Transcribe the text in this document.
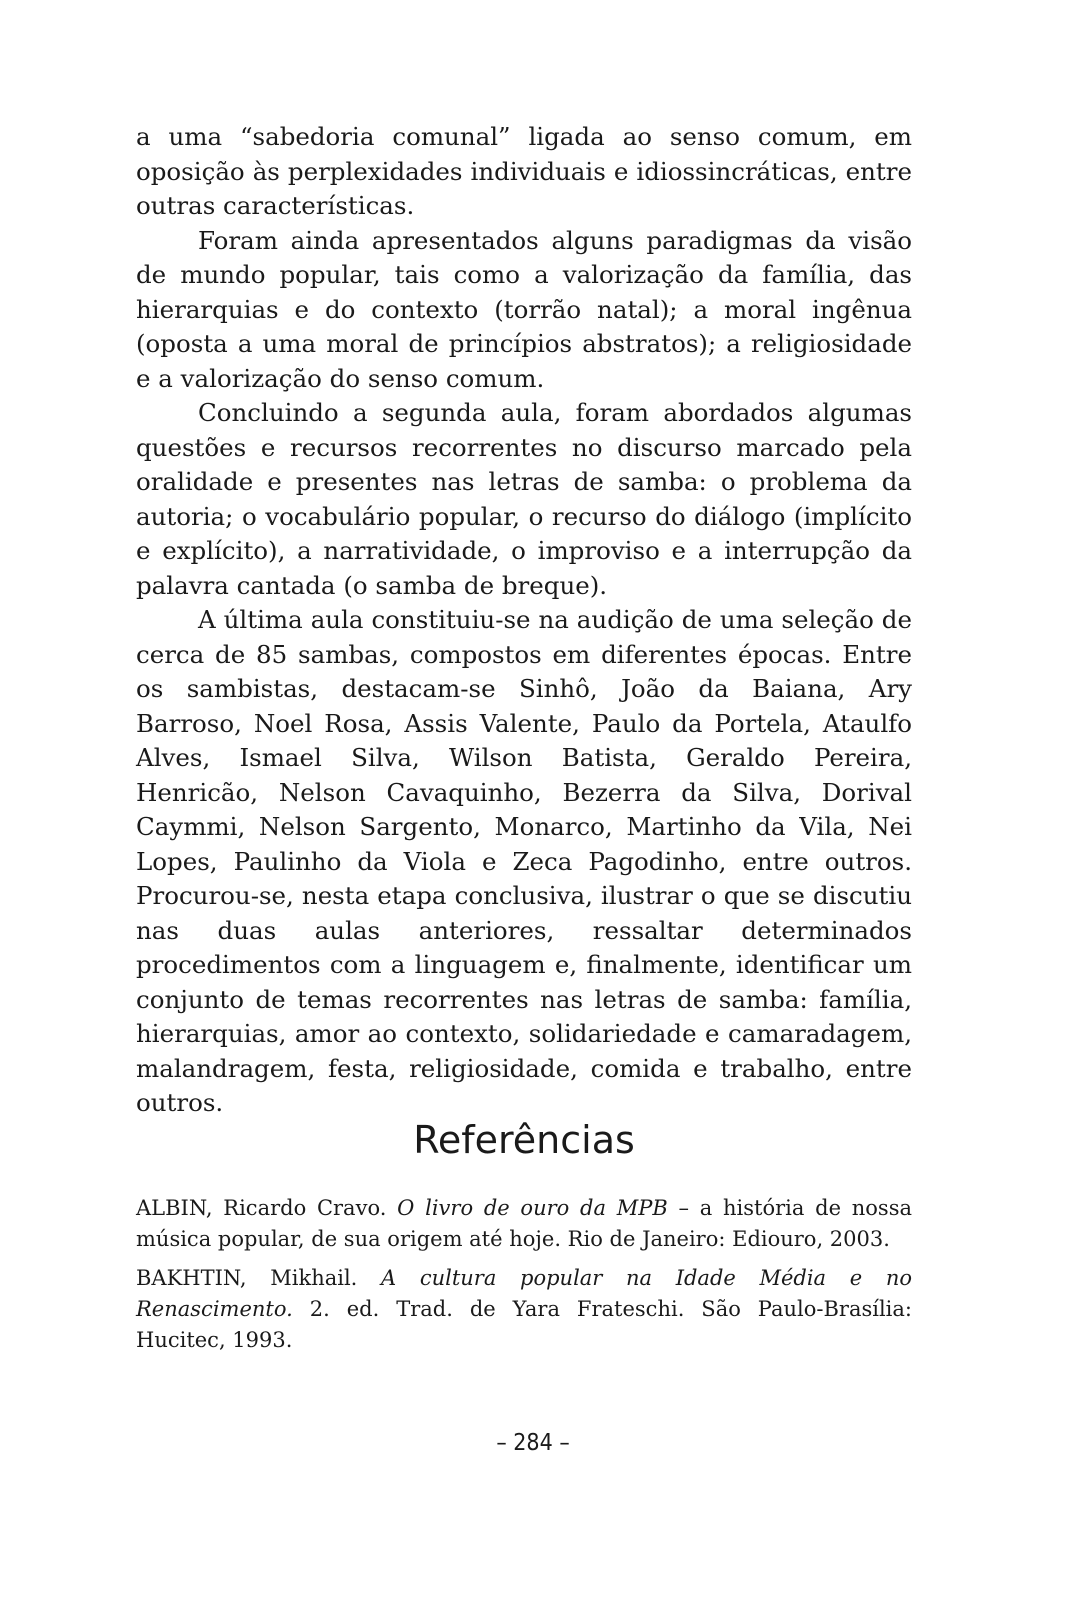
a uma “sabedoria comunal” ligada ao senso comum, em oposição às perplexidades individuais e idiossincráticas, entre outras características.

Foram ainda apresentados alguns paradigmas da visão de mundo popular, tais como a valorização da família, das hierarquias e do contexto (torrão natal); a moral ingênua (oposta a uma moral de princípios abstratos); a religiosidade e a valorização do senso comum.

Concluindo a segunda aula, foram abordados algumas questões e recursos recorrentes no discurso marcado pela oralidade e presentes nas letras de samba: o problema da autoria; o vocabulário popular, o recurso do diálogo (implícito e explícito), a narratividade, o improviso e a interrupção da palavra cantada (o samba de breque).

A última aula constituiu-se na audição de uma seleção de cerca de 85 sambas, compostos em diferentes épocas. Entre os sambistas, destacam-se Sinhô, João da Baiana, Ary Barroso, Noel Rosa, Assis Valente, Paulo da Portela, Ataulfo Alves, Ismael Silva, Wilson Batista, Geraldo Pereira, Henricão, Nelson Cavaquinho, Bezerra da Silva, Dorival Caymmi, Nelson Sargento, Monarco, Martinho da Vila, Nei Lopes, Paulinho da Viola e Zeca Pagodinho, entre outros. Procurou-se, nesta etapa conclusiva, ilustrar o que se discutiu nas duas aulas anteriores, ressaltar determinados procedimentos com a linguagem e, finalmente, identificar um conjunto de temas recorrentes nas letras de samba: família, hierarquias, amor ao contexto, solidariedade e camaradagem, malandragem, festa, religiosidade, comida e trabalho, entre outros.

Referências

ALBIN, Ricardo Cravo. O livro de ouro da MPB – a história de nossa música popular, de sua origem até hoje. Rio de Janeiro: Ediouro, 2003.

BAKHTIN, Mikhail. A cultura popular na Idade Média e no Renascimento. 2. ed. Trad. de Yara Frateschi. São Paulo-Brasília: Hucitec, 1993.

– 284 –
